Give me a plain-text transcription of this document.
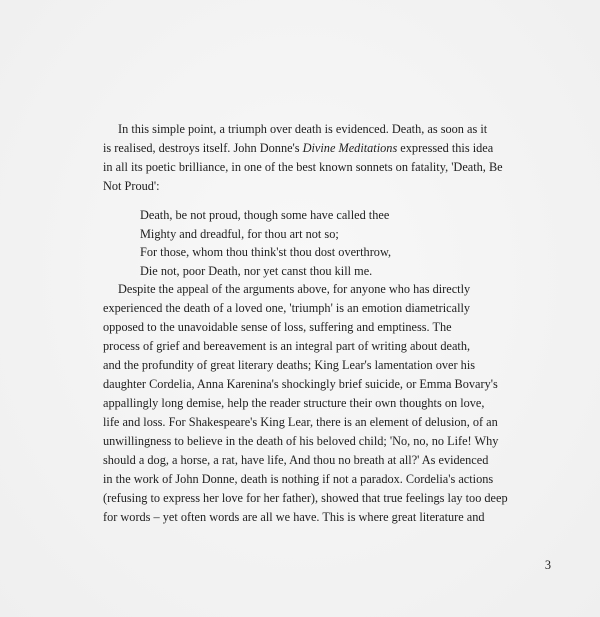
In this simple point, a triumph over death is evidenced. Death, as soon as it
is realised, destroys itself. John Donne's Divine Meditations expressed this idea
in all its poetic brilliance, in one of the best known sonnets on fatality, 'Death, Be
Not Proud':

Death, be not proud, though some have called thee
Mighty and dreadful, for thou art not so;
For those, whom thou think'st thou dost overthrow,
Die not, poor Death, nor yet canst thou kill me.

Despite the appeal of the arguments above, for anyone who has directly
experienced the death of a loved one, 'triumph' is an emotion diametrically
opposed to the unavoidable sense of loss, suffering and emptiness. The
process of grief and bereavement is an integral part of writing about death,
and the profundity of great literary deaths; King Lear's lamentation over his
daughter Cordelia, Anna Karenina's shockingly brief suicide, or Emma Bovary's
appallingly long demise, help the reader structure their own thoughts on love,
life and loss. For Shakespeare's King Lear, there is an element of delusion, of an
unwillingness to believe in the death of his beloved child; 'No, no, no Life! Why
should a dog, a horse, a rat, have life, And thou no breath at all?' As evidenced
in the work of John Donne, death is nothing if not a paradox. Cordelia's actions
(refusing to express her love for her father), showed that true feelings lay too deep
for words – yet often words are all we have. This is where great literature and

3
